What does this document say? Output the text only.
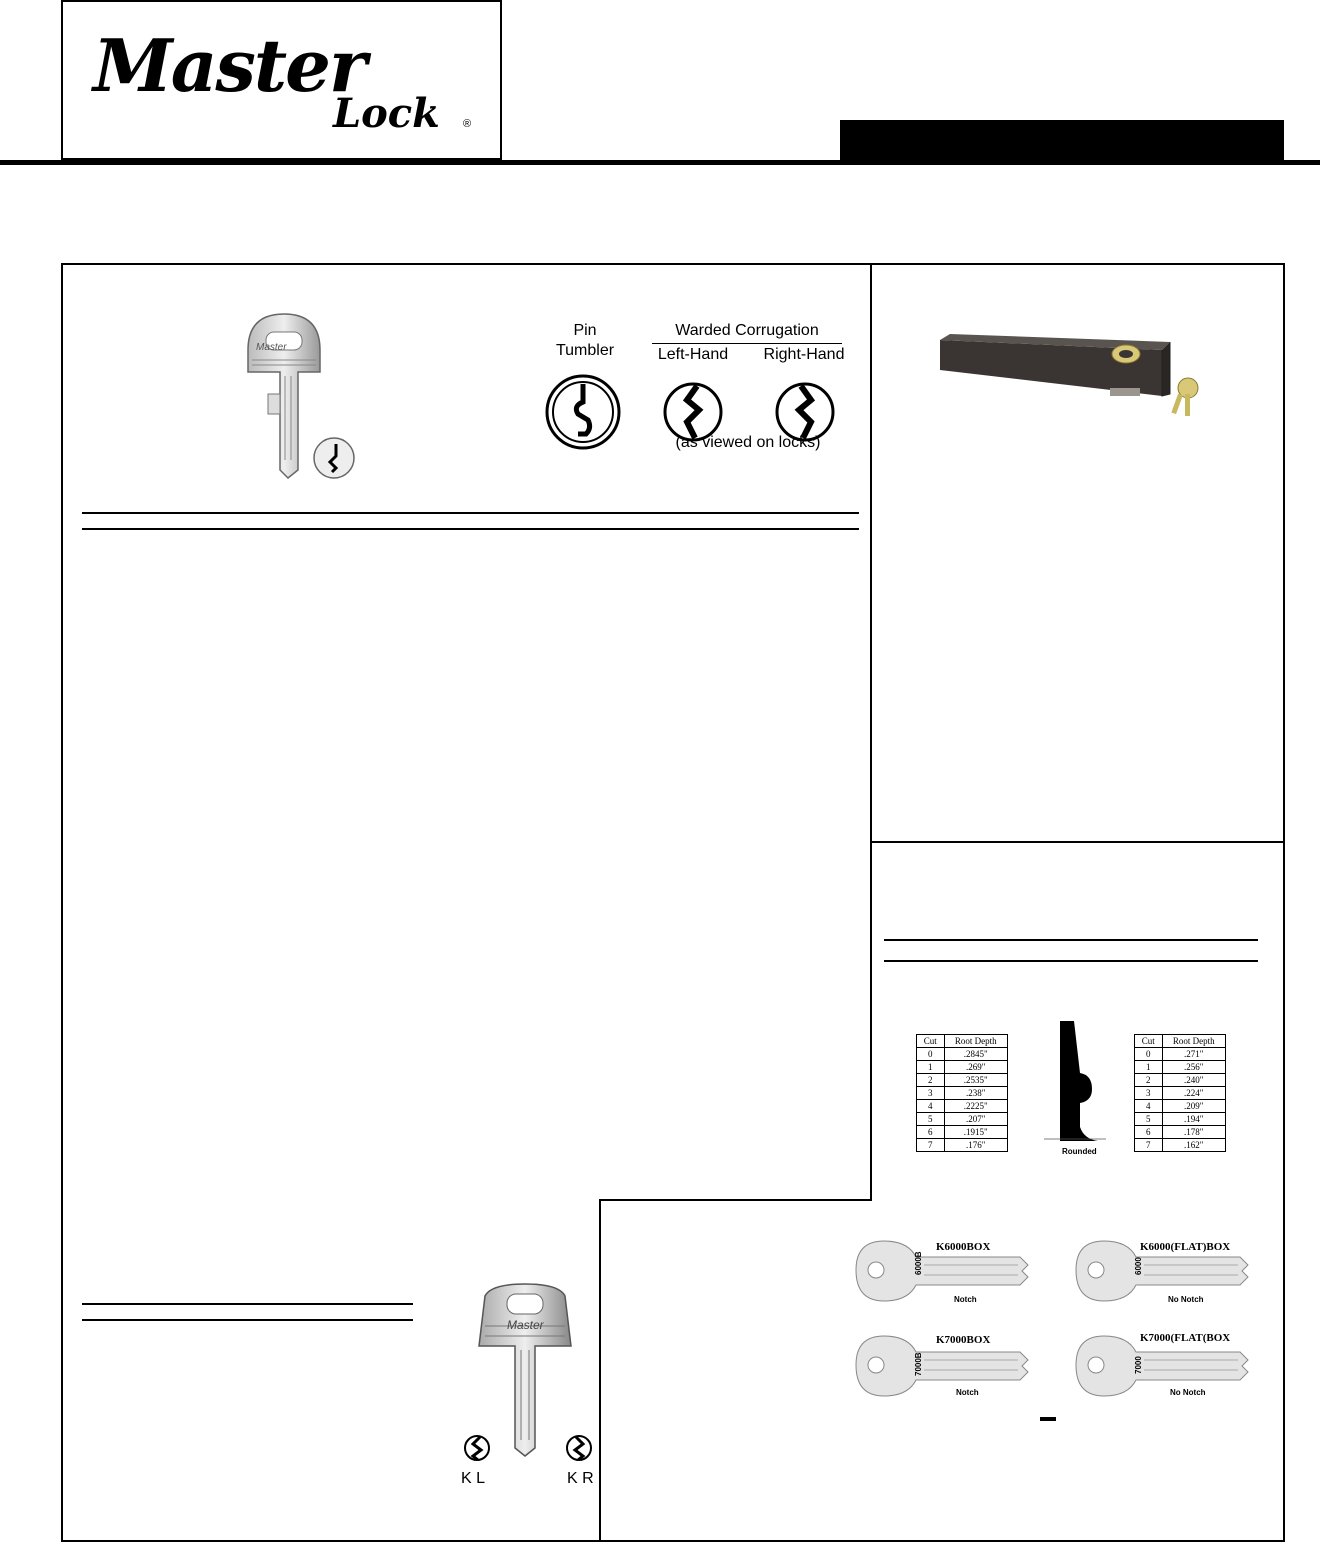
Master
Lock ®
Master
Pin
Tumbler
Warded Corrugation
Left-Hand	Right-Hand
(as viewed on locks)
Cut	Root Depth
0	.2845"
1	.269"
2	.2535"
3	.238"
4	.2225"
5	.207"
6	.1915"
7	.176"
Rounded
Cut	Root Depth
0	.271"
1	.256"
2	.240"
3	.224"
4	.209"
5	.194"
6	.178"
7	.162"
Master
K L	K R
K6000BOX
6000B
Notch
K6000(FLAT)BOX
6000
No Notch
K7000BOX
7000B
Notch
K7000(FLAT(BOX
7000
No Notch
